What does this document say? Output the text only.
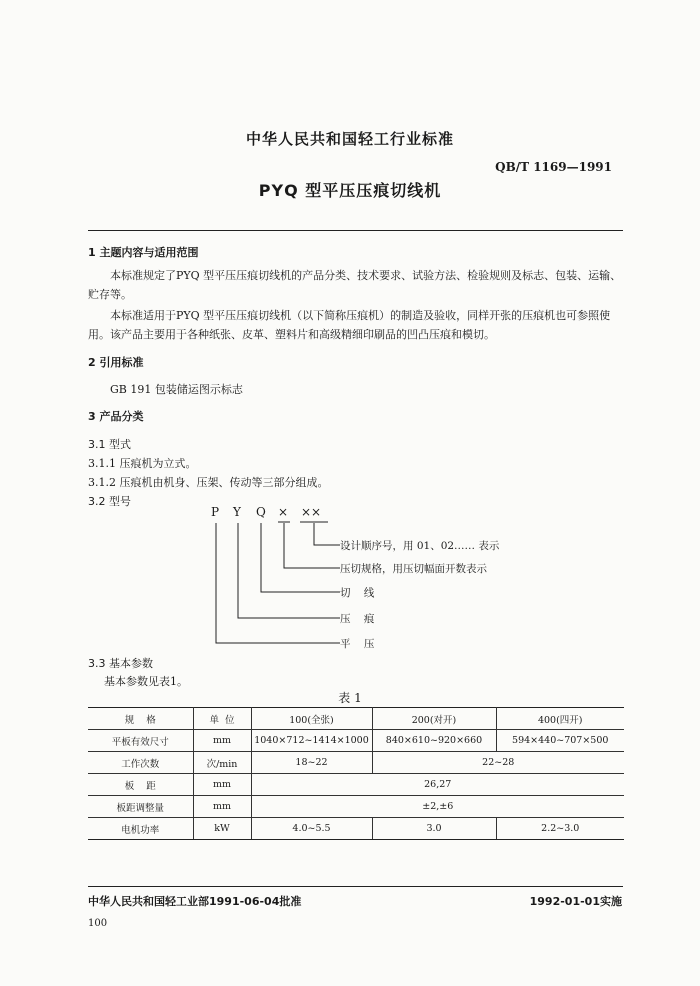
中华人民共和国轻工行业标准
QB/T 1169—1991
PYQ 型平压压痕切线机
1 主题内容与适用范围
本标准规定了PYQ 型平压压痕切线机的产品分类、技术要求、试验方法、检验规则及标志、包装、运输、贮存等。
本标准适用于PYQ 型平压压痕切线机（以下简称压痕机）的制造及验收，同样开张的压痕机也可参照使用。该产品主要用于各种纸张、皮革、塑料片和高级精细印刷品的凹凸压痕和模切。
2 引用标准
GB 191 包装储运图示标志
3 产品分类
3.1 型式
3.1.1 压痕机为立式。
3.1.2 压痕机由机身、压架、传动等三部分组成。
3.2 型号
P Y Q × ××
设计顺序号，用 01、02…… 表示
压切规格，用压切幅面开数表示
切    线
压    痕
平    压
3.3 基本参数
基本参数见表1。
表 1
规    格	单  位	100(全张)	200(对开)	400(四开)
平板有效尺寸	mm	1040×712~1414×1000	840×610~920×660	594×440~707×500
工作次数	次/min	18~22	22~28	
板    距	mm	26,27		
板距调整量	mm	±2,±6		
电机功率	kW	4.0~5.5	3.0	2.2~3.0
中华人民共和国轻工业部1991-06-04批准	1992-01-01实施
100
